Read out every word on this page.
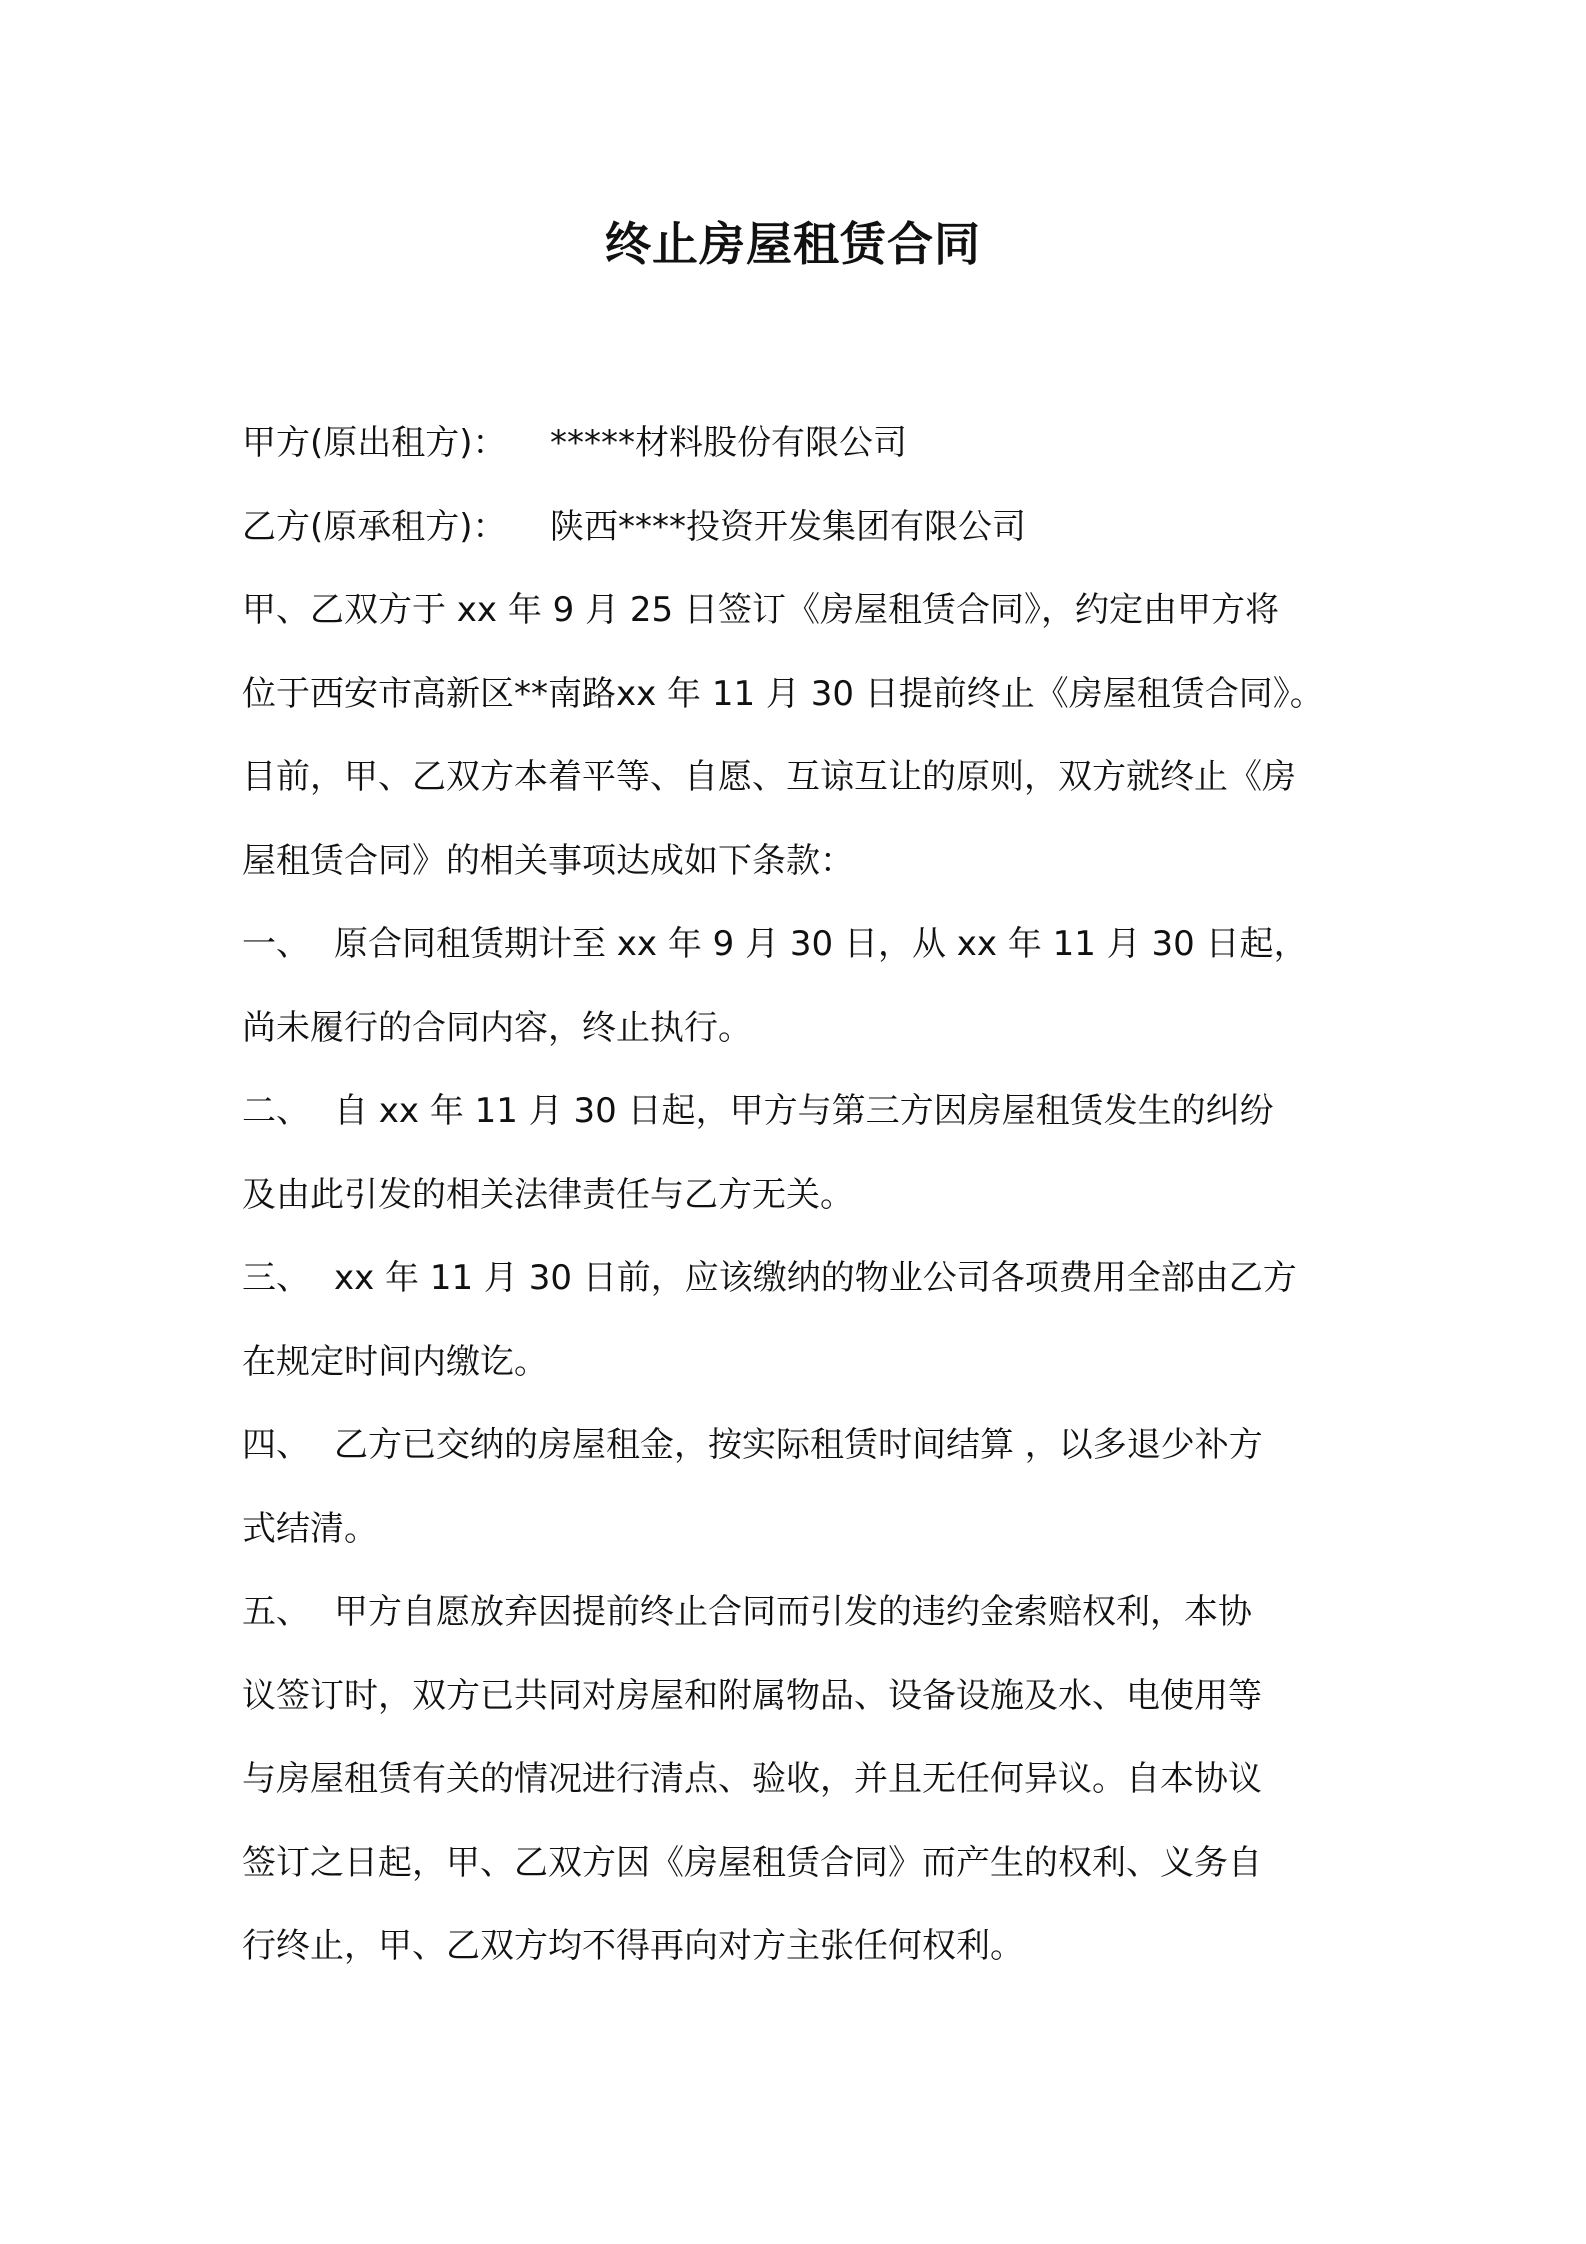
终止房屋租赁合同
甲方(原出租方)： *****材料股份有限公司
乙方(原承租方)： 陕西****投资开发集团有限公司
甲、乙双方于 xx 年 9 月 25 日签订《房屋租赁合同》，约定由甲方将
位于西安市高新区**南路xx 年 11 月 30 日提前终止《房屋租赁合同》。
目前，甲、乙双方本着平等、自愿、互谅互让的原则，双方就终止《房
屋租赁合同》的相关事项达成如下条款：
一、 原合同租赁期计至 xx 年 9 月 30 日，从 xx 年 11 月 30 日起，
尚未履行的合同内容，终止执行。
二、 自 xx 年 11 月 30 日起，甲方与第三方因房屋租赁发生的纠纷
及由此引发的相关法律责任与乙方无关。
三、 xx 年 11 月 30 日前，应该缴纳的物业公司各项费用全部由乙方
在规定时间内缴讫。
四、 乙方已交纳的房屋租金，按实际租赁时间结算 ，以多退少补方
式结清。
五、 甲方自愿放弃因提前终止合同而引发的违约金索赔权利，本协
议签订时，双方已共同对房屋和附属物品、设备设施及水、电使用等
与房屋租赁有关的情况进行清点、验收，并且无任何异议。自本协议
签订之日起，甲、乙双方因《房屋租赁合同》而产生的权利、义务自
行终止，甲、乙双方均不得再向对方主张任何权利。
